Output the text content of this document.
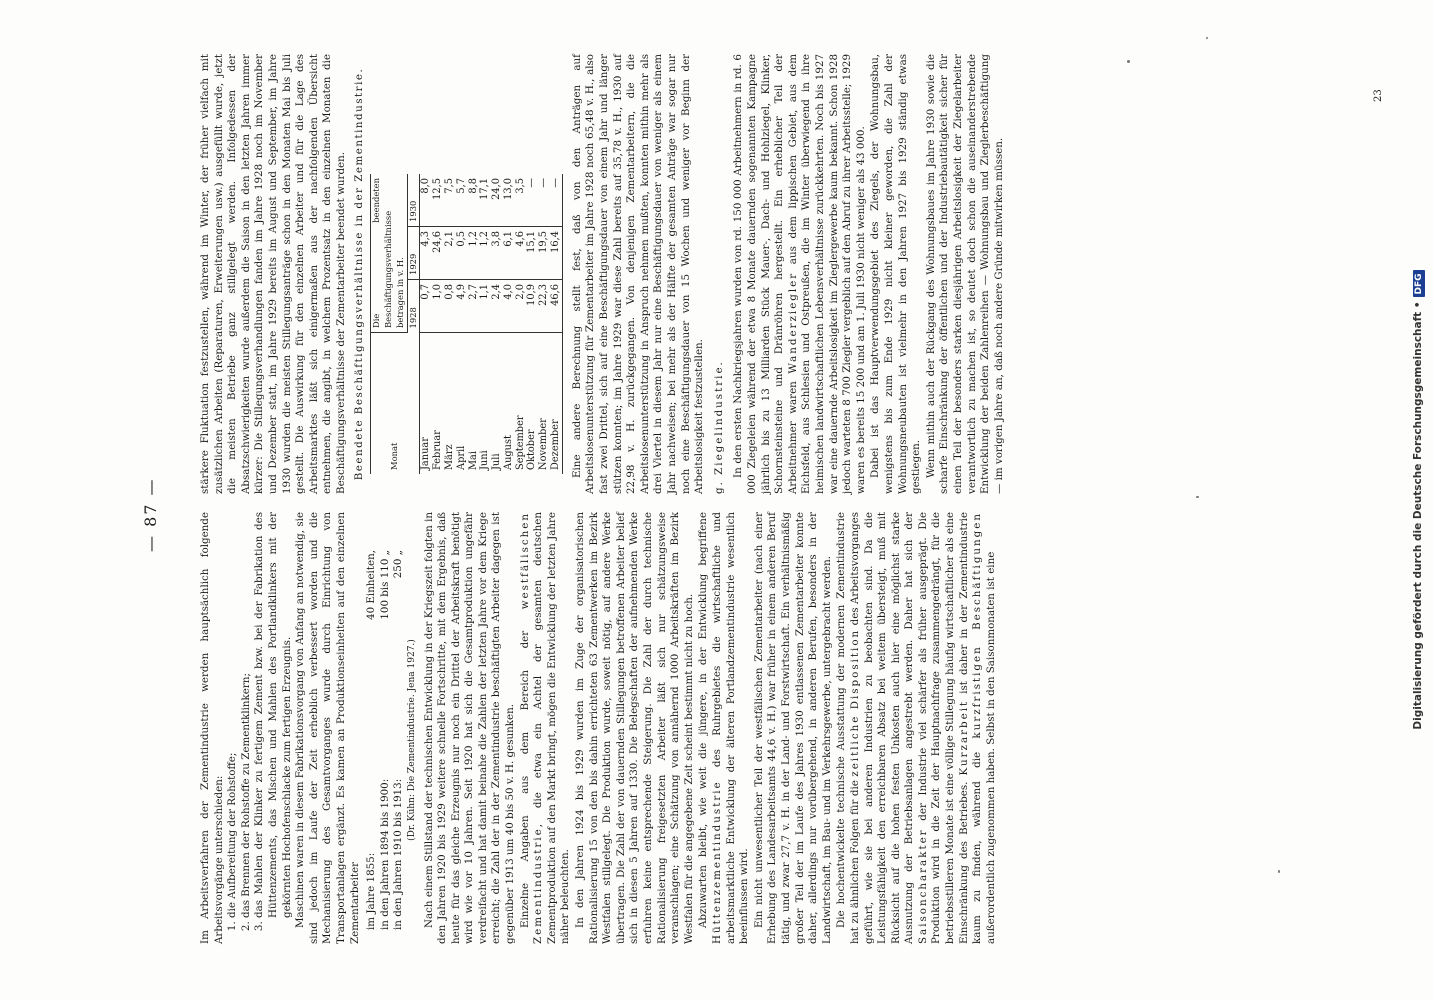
— 87 —	Im Arbeitsverfahren der Zementindustrie werden hauptsächlich folgende Arbeitsvorgänge unterschieden: 1. die Aufbereitung der Rohstoffe; 2. das Brennen der Rohstoffe zu Zementklinkern; 3. das Mahlen der Klinker zu fertigem Zement bzw. bei der Fabrikation des Hüttenzements, das Mischen und Mahlen des Portlandklinkers mit der gekörnten Hochofenschlacke zum fertigen Erzeugnis. Maschinen waren in diesem Fabrikationsvorgang von Anfang an notwendig, sie sind jedoch im Laufe der Zeit erheblich verbessert worden und die Mechanisierung des Gesamtvorganges wurde durch Einrichtung von Transportanlagen ergänzt. Es kamen an Produktionseinheiten auf den einzelnen Zementarbeiter im Jahre 1855:
40 Einheiten,
in den Jahren 1894 bis 1900:
100 bis 110 „
in den Jahren 1910 bis 1913:
250 „
(Dr. Kühn: Die Zementindustrie. Jena 1927.) Nach einem Stillstand der technischen Entwicklung in der Kriegszeit folgten in den Jahren 1920 bis 1929 weitere schnelle Fortschritte, mit dem Ergebnis, daß heute für das gleiche Erzeugnis nur noch ein Drittel der Arbeitskraft benötigt wird wie vor 10 Jahren. Seit 1920 hat sich die Gesamtproduktion ungefähr verdreifacht und hat damit beinahe die Zahlen der letzten Jahre vor dem Kriege erreicht; die Zahl der in der Zementindustrie beschäftigten Arbeiter dagegen ist gegenüber 1913 um 40 bis 50 v. H. gesunken. Einzelne Angaben aus dem Bereich der westfälischen Zementindustrie, die etwa ein Achtel der gesamten deutschen Zementproduktion auf den Markt bringt, mögen die Entwicklung der letzten Jahre näher beleuchten. In den Jahren 1924 bis 1929 wurden im Zuge der organisatorischen Rationalisierung 15 von den bis dahin errichteten 63 Zementwerken im Bezirk Westfalen stillgelegt. Die Produktion wurde, soweit nötig, auf andere Werke übertragen. Die Zahl der von dauernden Stillegungen betroffenen Arbeiter belief sich in diesen 5 Jahren auf 1330. Die Belegschaften der aufnehmenden Werke erfuhren keine entsprechende Steigerung. Die Zahl der durch technische Rationalisierung freigesetzten Arbeiter läßt sich nur schätzungsweise veranschlagen; eine Schätzung von annähernd 1000 Arbeitskräften im Bezirk Westfalen für die angegebene Zeit scheint bestimmt nicht zu hoch. Abzuwarten bleibt, wie weit die jüngere, in der Entwicklung begriffene Hüttenzementindustrie des Ruhrgebietes die wirtschaftliche und arbeitsmarktliche Entwicklung der älteren Portlandzementindustrie wesentlich beeinflussen wird. Ein nicht unwesentlicher Teil der westfälischen Zementarbeiter (nach einer Erhebung des Landesarbeitsamts 44,6 v. H.) war früher in einem anderen Beruf tätig, und zwar 27,7 v. H. in der Land- und Forstwirtschaft. Ein verhältnismäßig großer Teil der im Laufe des Jahres 1930 entlassenen Zementarbeiter konnte daher, allerdings nur vorübergehend, in anderen Berufen, besonders in der Landwirtschaft, im Bau- und im Verkehrsgewerbe, untergebracht werden. Die hochentwickelte technische Ausstattung der modernen Zementindustrie hat zu ähnlichen Folgen für die zeitliche Disposition des Arbeitsvorganges geführt, wie sie bei anderen Industrien zu beobachten sind. Da die Leistungsfähigkeit den erreichbaren Absatz bei weitem übersteigt, muß mit Rücksicht auf die hohen festen Unkosten auch hier eine möglichst starke Ausnutzung der Betriebsanlagen angestrebt werden. Daher hat sich der Saisoncharakter der Industrie viel schärfer als früher ausgeprägt. Die Produktion wird in die Zeit der Hauptnachfrage zusammengedrängt, für die betriebsstilleren Monate ist eine völlige Stillegung häufig wirtschaftlicher als eine Einschränkung des Betriebes. Kurzarbeit ist daher in der Zementindustrie kaum zu finden, während die kurzfristigen Beschäftigungen außerordentlich zugenommen haben. Selbst in den Saisonmonaten ist eine

stärkere Fluktuation festzustellen, während im Winter, der früher vielfach mit zusätzlichen Arbeiten (Reparaturen, Erweiterungen usw.) ausgefüllt wurde, jetzt die meisten Betriebe ganz stillgelegt werden. Infolgedessen der Absatzschwierigkeiten wurde außerdem die Saison in den letzten Jahren immer kürzer: Die Stillegungsverhandlungen fanden im Jahre 1928 noch im November und Dezember statt, im Jahre 1929 bereits im August und September, im Jahre 1930 wurden die meisten Stillegungsanträge schon in den Monaten Mai bis Juli gestellt. Die Auswirkung für den einzelnen Arbeiter und für die Lage des Arbeitsmarktes läßt sich einigermaßen aus der nachfolgenden Übersicht entnehmen, die angibt, in welchem Prozentsatz in den einzelnen Monaten die Beschäftigungsverhältnisse der Zementarbeiter beendet wurden. Beendete Beschäftigungsverhältnisse in der Zementindustrie.	Monat	Die beendeten Beschäftigungsverhältnisse betragen in v. H.		
	1928	1929	1930
Januar	0,7	4,3	8,0
Februar	1,0	24,6	12,5
März	0,8	2,1	7,5
April	4,9	0,5	5,7
Mai	2,7	1,2	8,8
Juni	1,1	1,2	17,1
Juli	2,4	3,8	24,0
August	4,0	6,1	13,0
September	2,0	4,6	3,5
Oktober	10,9	15,1	—
November	22,3	19,5	—
Dezember	46,6	16,4	— Eine andere Berechnung stellt fest, daß von den Anträgen auf Arbeitslosenunterstützung für Zementarbeiter im Jahre 1928 noch 65,48 v. H., also fast zwei Drittel, sich auf eine Beschäftigungsdauer von einem Jahr und länger stützen konnten; im Jahre 1929 war diese Zahl bereits auf 35,78 v. H., 1930 auf 22,98 v. H. zurückgegangen. Von denjenigen Zementarbeitern, die die Arbeitslosenunterstützung in Anspruch nehmen mußten, konnten mithin mehr als drei Viertel in diesem Jahr nur eine Beschäftigungsdauer von weniger als einem Jahr nachweisen; bei mehr als der Hälfte der gesamten Anträge war sogar nur noch eine Beschäftigungsdauer von 15 Wochen und weniger vor Beginn der Arbeitslosigkeit festzustellen. g. Ziegelindustrie. In den ersten Nachkriegsjahren wurden von rd. 150 000 Arbeitnehmern in rd. 6 000 Ziegeleien während der etwa 8 Monate dauernden sogenannten Kampagne jährlich bis zu 13 Milliarden Stück Mauer-, Dach- und Hohlziegel, Klinker, Schornsteinsteine und Dränröhren hergestellt. Ein erheblicher Teil der Arbeitnehmer waren Wanderziegler aus dem lippischen Gebiet, aus dem Eichsfeld, aus Schlesien und Ostpreußen, die im Winter überwiegend in ihre heimischen landwirtschaftlichen Lebensverhältnisse zurückkehrten. Noch bis 1927 war eine dauernde Arbeitslosigkeit im Zieglergewerbe kaum bekannt. Schon 1928 jedoch warteten 8 700 Ziegler vergeblich auf den Abruf zu ihrer Arbeitsstelle; 1929 waren es bereits 15 200 und am 1. Juli 1930 nicht weniger als 43 000. Dabei ist das Hauptverwendungsgebiet des Ziegels, der Wohnungsbau, wenigstens bis zum Ende 1929 nicht kleiner geworden, die Zahl der Wohnungsneubauten ist vielmehr in den Jahren 1927 bis 1929 ständig etwas gestiegen. Wenn mithin auch der Rückgang des Wohnungsbaues im Jahre 1930 sowie die scharfe Einschränkung der öffentlichen und der Industriebautätigkeit sicher für einen Teil der besonders starken diesjährigen Arbeitslosigkeit der Ziegelarbeiter verantwortlich zu machen ist, so deutet doch schon die auseinanderstrebende Entwicklung der beiden Zahlenreihen — Wohnungsbau und Zieglerbeschäftigung — im vorigen Jahre an, daß noch andere Gründe mitwirken müssen.

23
Digitalisierung gefördert durch die Deutsche Forschungsgemeinschaft •DFG
